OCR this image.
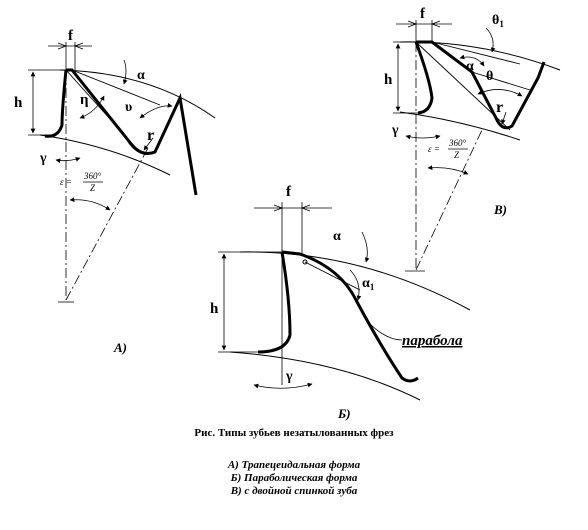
f
h
α
η	υ
r
γ
ε =
360°
Z
А)
f
h
α
$\alpha_1$
парабола
γ
Б)
f
h
$\theta_1$
α
θ
r
γ
ε =
360°
Z
В)
Рис. Типы зубьев незатылованных фрез
А) Трапецеидальная форма
Б) Параболическая форма
В) с двойной спинкой зуба
